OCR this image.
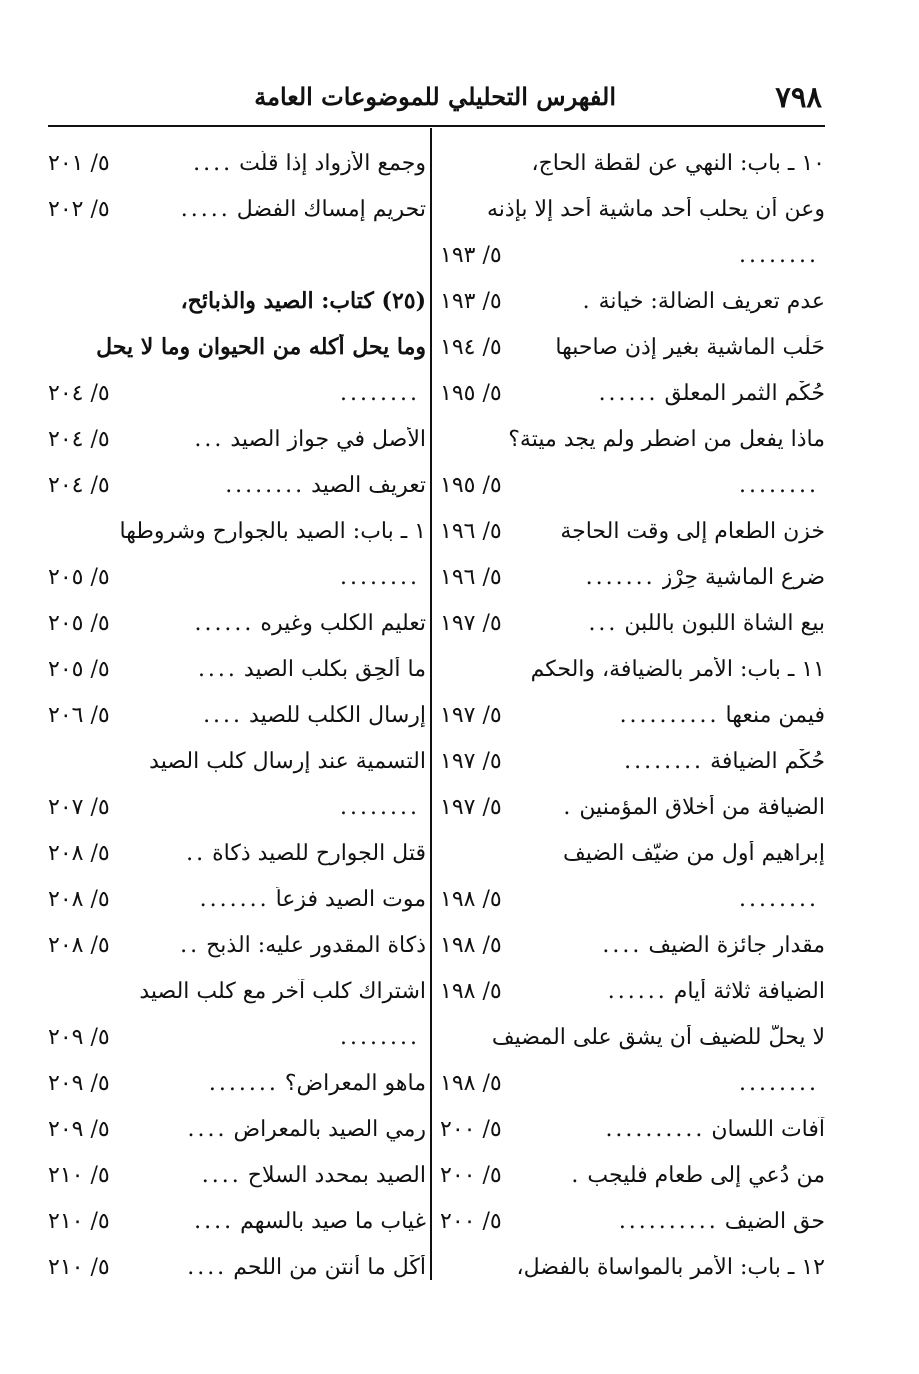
٧٩٨
الفهرس التحليلي للموضوعات العامة
١٠ ـ باب: النهي عن لقطة الحاج،
وعن أن يحلب أحد ماشية أحد إلا بإذنه
........
٥/ ١٩٣
عدم تعريف الضالة: خيانة
.
٥/ ١٩٣
حَلْب الماشية بغير إذن صاحبها
٥/ ١٩٤
حُكْم الثمر المعلق
......
٥/ ١٩٥
ماذا يفعل من اضطر ولم يجد ميتة؟
........
٥/ ١٩٥
خزن الطعام إلى وقت الحاجة
٥/ ١٩٦
ضرع الماشية حِرْز
.......
٥/ ١٩٦
بيع الشاة اللبون باللبن
...
٥/ ١٩٧
١١ ـ باب: الأمر بالضيافة، والحكم
فيمن منعها
..........
٥/ ١٩٧
حُكْم الضيافة
........
٥/ ١٩٧
الضيافة من أخلاق المؤمنين
.
٥/ ١٩٧
إبراهيم أول من ضيّف الضيف
........
٥/ ١٩٨
مقدار جائزة الضيف
....
٥/ ١٩٨
الضيافة ثلاثة أيام
......
٥/ ١٩٨
لا يحلّ للضيف أن يشق على المضيف
........
٥/ ١٩٨
آفات اللسان
..........
٥/ ٢٠٠
من دُعي إلى طعام فليجب
.
٥/ ٢٠٠
حق الضيف
..........
٥/ ٢٠٠
١٢ ـ باب: الأمر بالمواساة بالفضل،
وجمع الأزواد إذا قلّت
....
٥/ ٢٠١
تحريم إمساك الفضل
.....
٥/ ٢٠٢
(٢٥) كتاب: الصيد والذبائح،
وما يحل أكله من الحيوان وما لا يحل
........
٥/ ٢٠٤
الأصل في جواز الصيد
...
٥/ ٢٠٤
تعريف الصيد
........
٥/ ٢٠٤
١ ـ باب: الصيد بالجوارح وشروطها
........
٥/ ٢٠٥
تعليم الكلب وغيره
......
٥/ ٢٠٥
ما أُلحِق بكلب الصيد
....
٥/ ٢٠٥
إرسال الكلب للصيد
....
٥/ ٢٠٦
التسمية عند إرسال كلب الصيد
........
٥/ ٢٠٧
قتل الجوارح للصيد ذكاة
..
٥/ ٢٠٨
موت الصيد فزعاً
.......
٥/ ٢٠٨
ذكاة المقدور عليه: الذبح
..
٥/ ٢٠٨
اشتراك كلب آخر مع كلب الصيد
........
٥/ ٢٠٩
ماهو المعراض؟
.......
٥/ ٢٠٩
رمي الصيد بالمعراض
....
٥/ ٢٠٩
الصيد بمحدد السلاح
....
٥/ ٢١٠
غياب ما صيد بالسهم
....
٥/ ٢١٠
أَكْل ما أنتن من اللحم
....
٥/ ٢١٠
